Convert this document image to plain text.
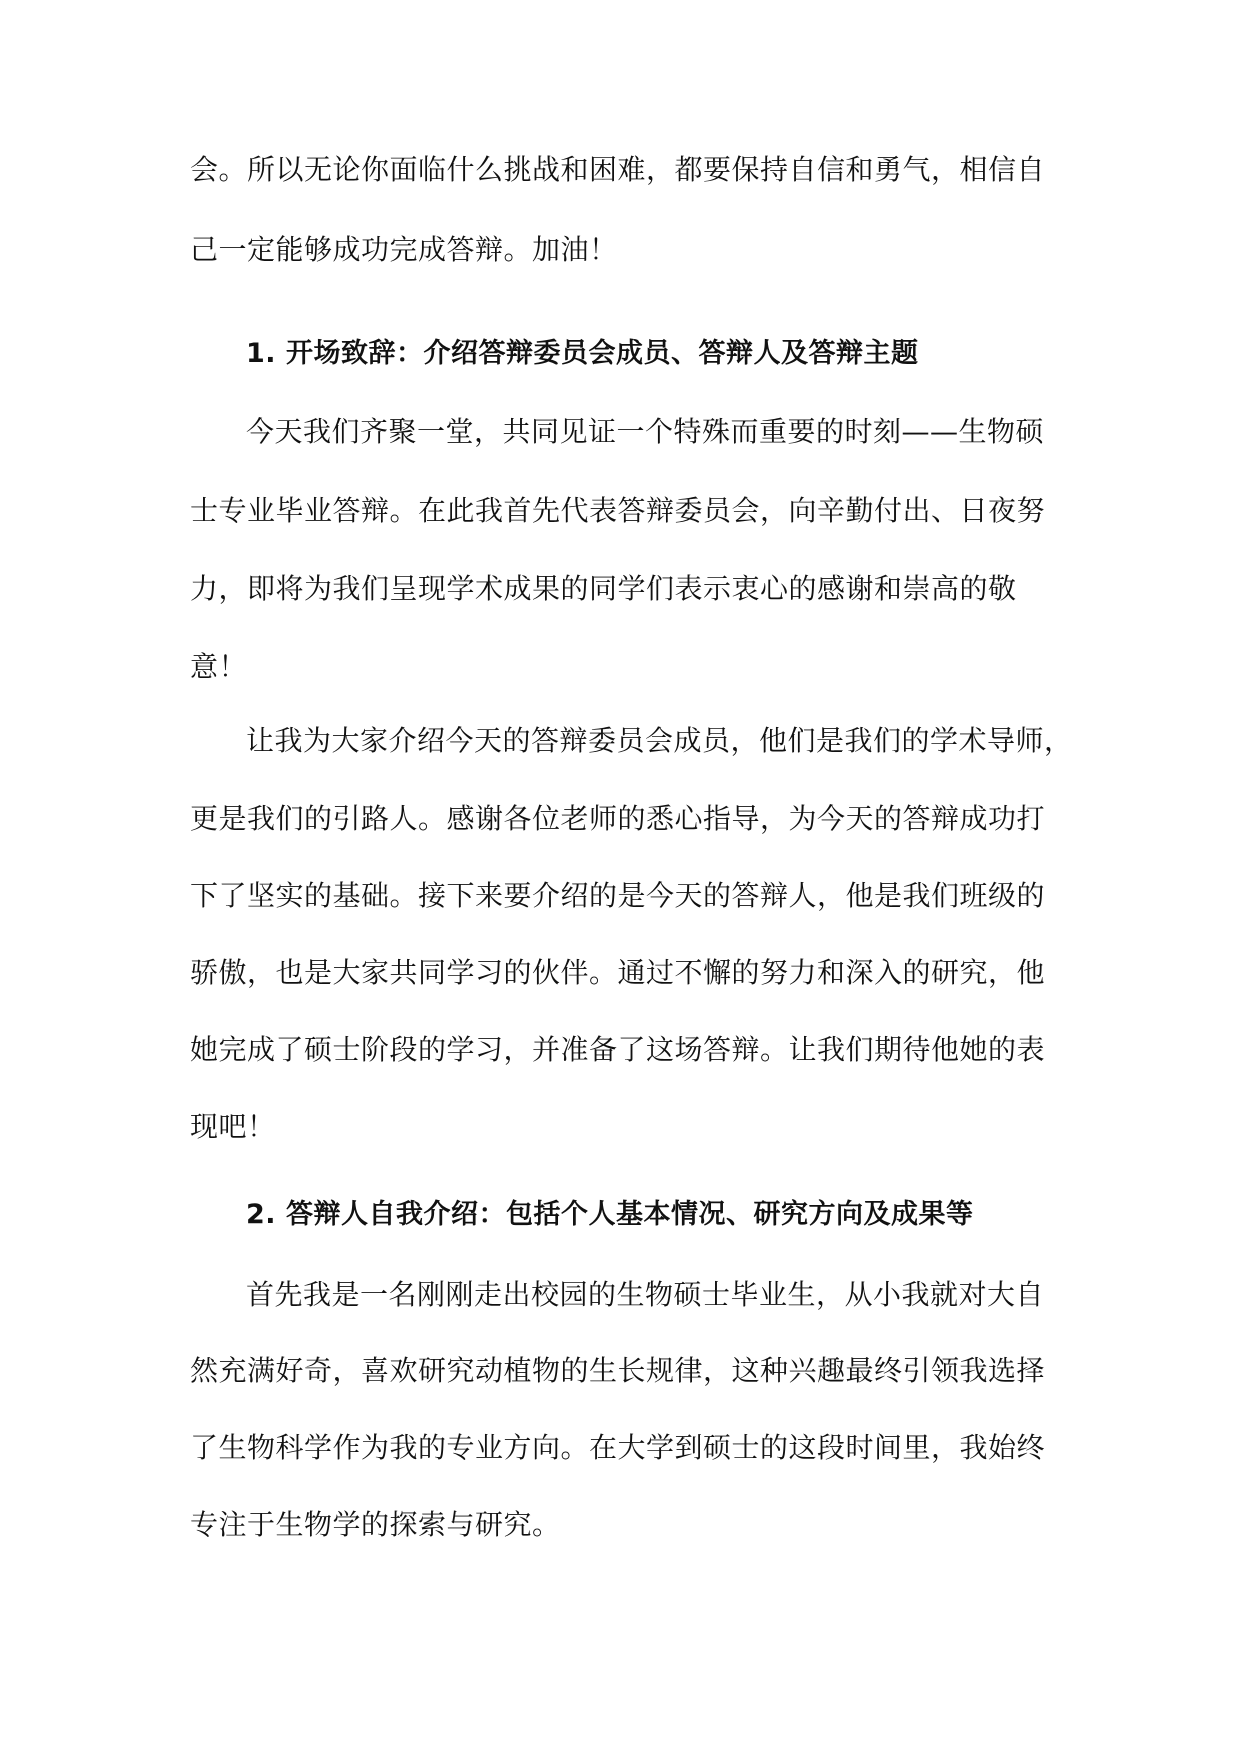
会。所以无论你面临什么挑战和困难，都要保持自信和勇气，相信自
己一定能够成功完成答辩。加油！
1. 开场致辞：介绍答辩委员会成员、答辩人及答辩主题
今天我们齐聚一堂，共同见证一个特殊而重要的时刻——生物硕
士专业毕业答辩。在此我首先代表答辩委员会，向辛勤付出、日夜努
力，即将为我们呈现学术成果的同学们表示衷心的感谢和崇高的敬
意！
让我为大家介绍今天的答辩委员会成员，他们是我们的学术导师，
更是我们的引路人。感谢各位老师的悉心指导，为今天的答辩成功打
下了坚实的基础。接下来要介绍的是今天的答辩人，他是我们班级的
骄傲，也是大家共同学习的伙伴。通过不懈的努力和深入的研究，他
她完成了硕士阶段的学习，并准备了这场答辩。让我们期待他她的表
现吧！
2. 答辩人自我介绍：包括个人基本情况、研究方向及成果等
首先我是一名刚刚走出校园的生物硕士毕业生，从小我就对大自
然充满好奇，喜欢研究动植物的生长规律，这种兴趣最终引领我选择
了生物科学作为我的专业方向。在大学到硕士的这段时间里，我始终
专注于生物学的探索与研究。
